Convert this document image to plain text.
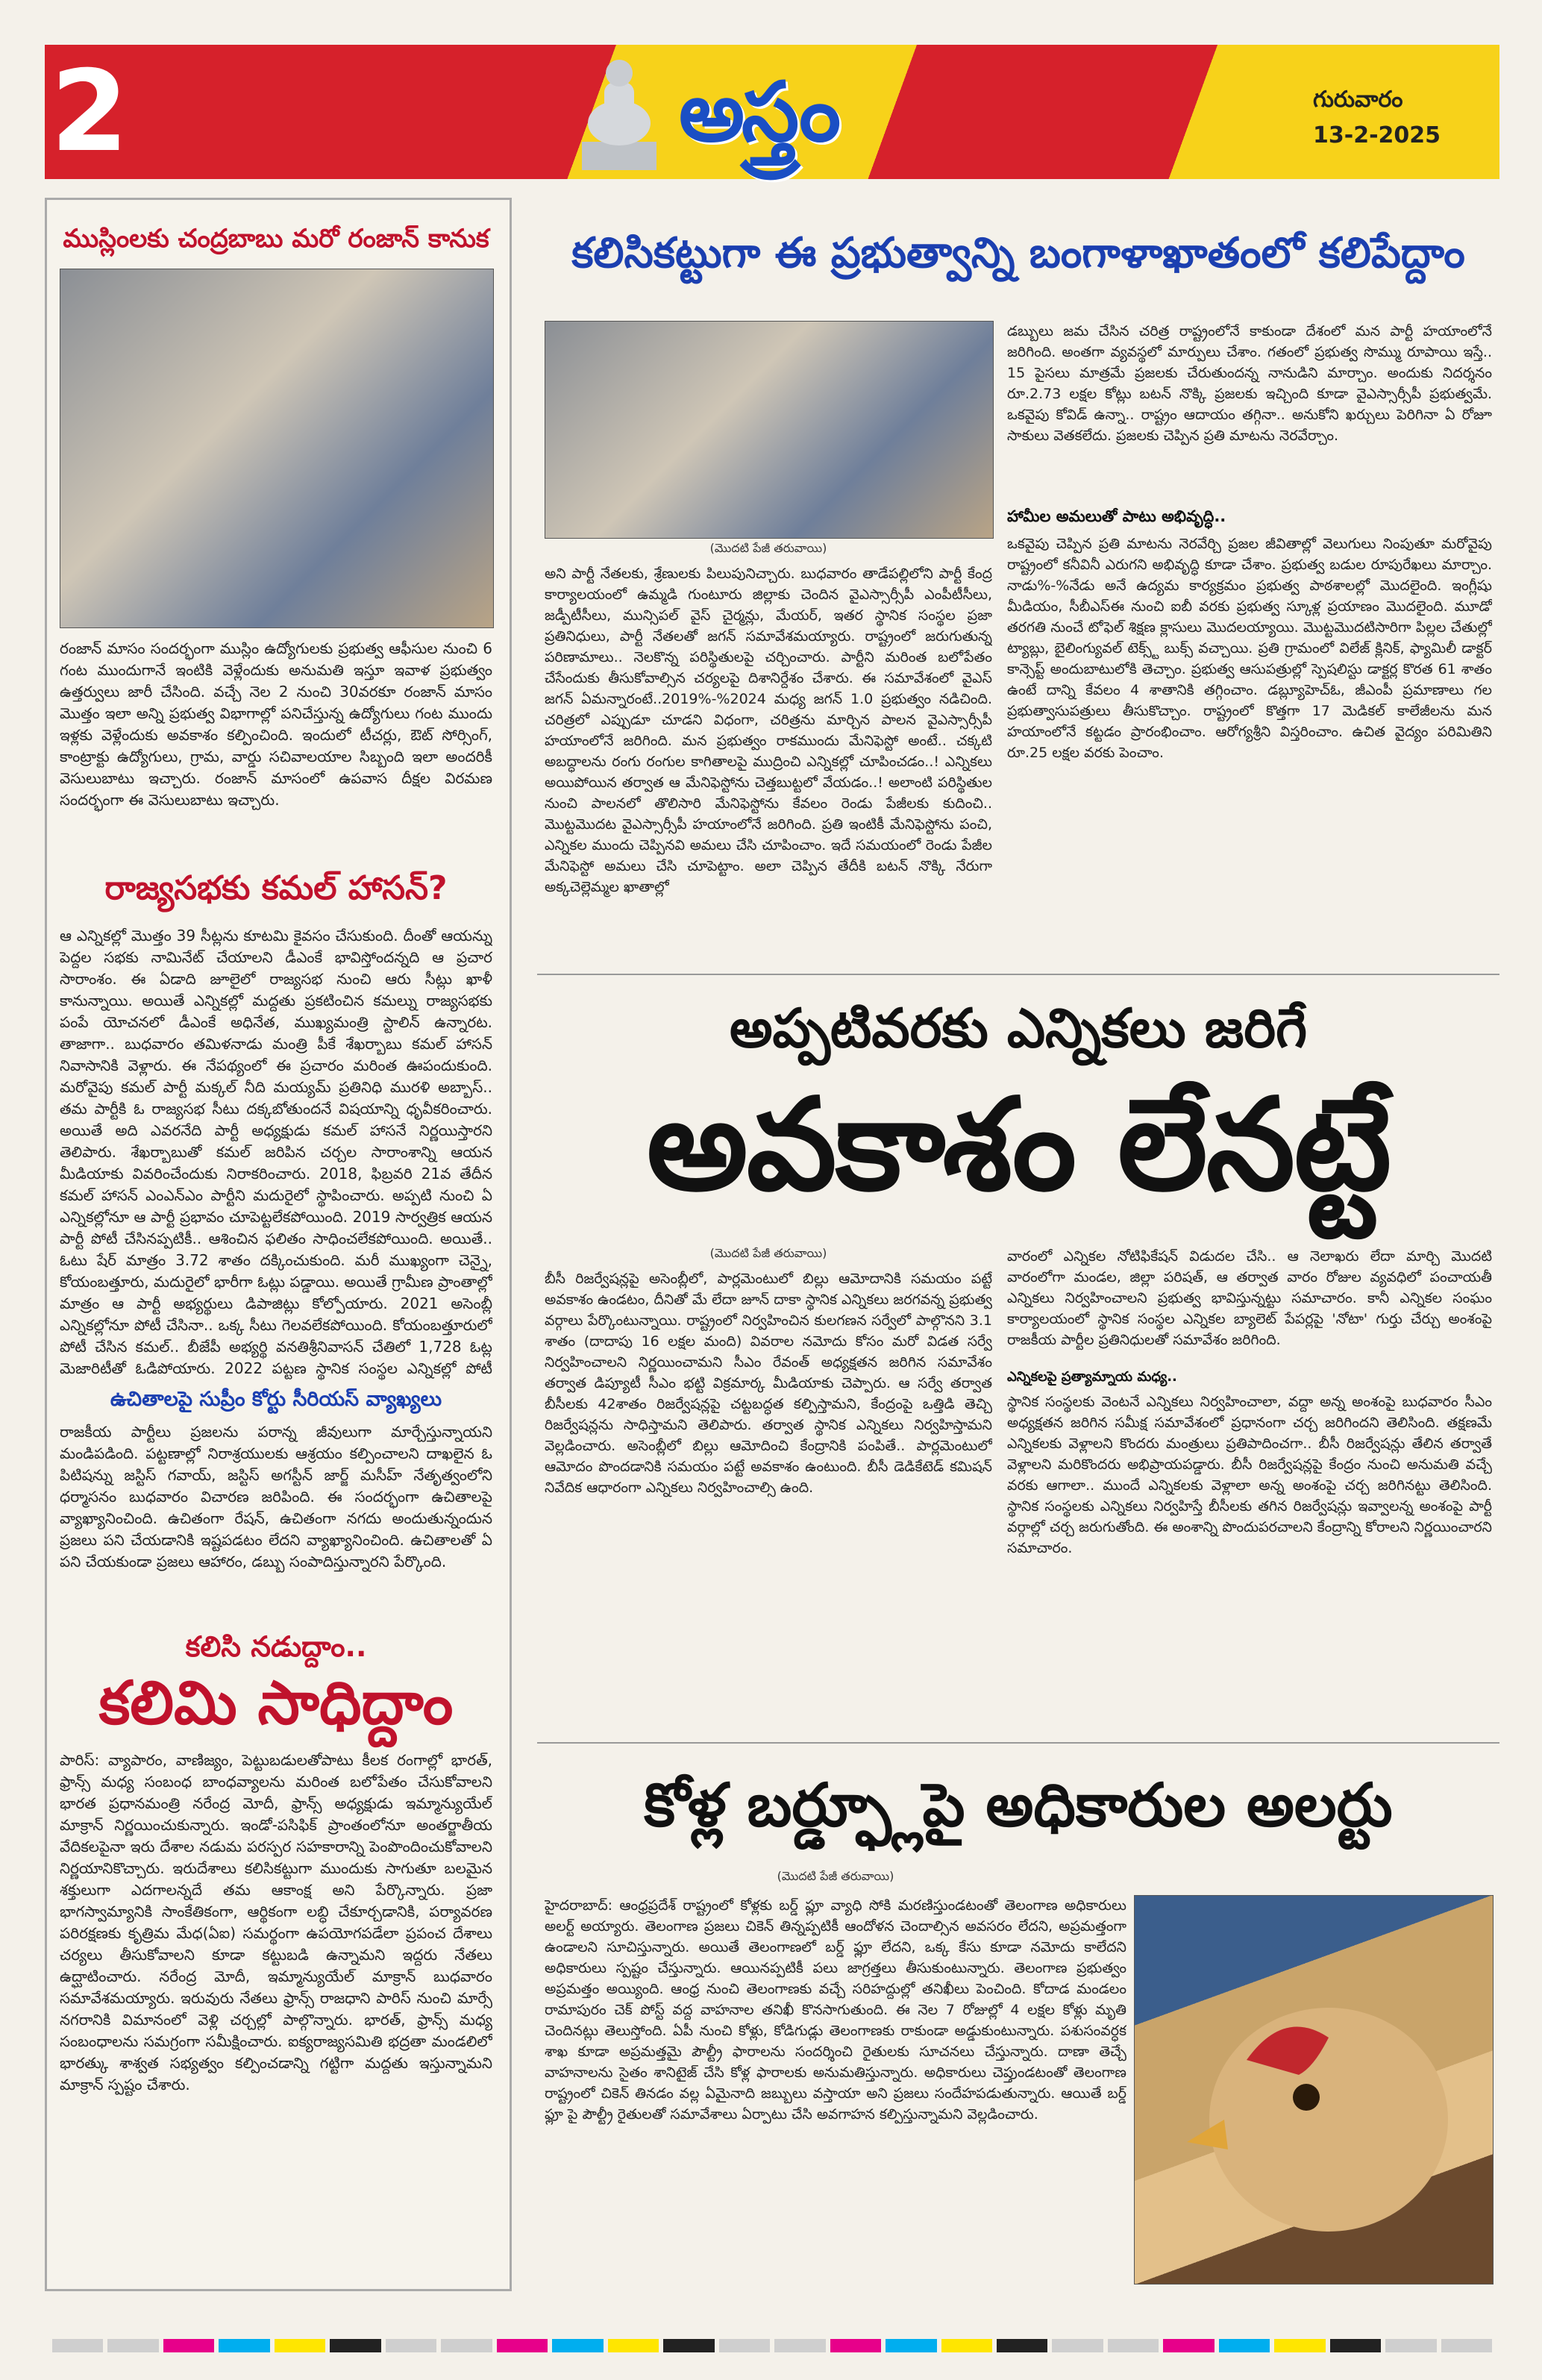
2	అస్త్రం	గురువారం
13-2-2025
ముస్లింలకు చంద్రబాబు మరో రంజాన్ కానుక
రంజాన్ మాసం సందర్భంగా ముస్లిం ఉద్యోగులకు ప్రభుత్వ ఆఫీసుల నుంచి 6 గంట ముందుగానే ఇంటికి వెళ్లేందుకు అనుమతి ఇస్తూ ఇవాళ ప్రభుత్వం ఉత్తర్వులు జారీ చేసింది. వచ్చే నెల 2 నుంచి 30వరకూ రంజాన్ మాసం మొత్తం ఇలా అన్ని ప్రభుత్వ విభాగాల్లో పనిచేస్తున్న ఉద్యోగులు గంట ముందు ఇళ్లకు వెళ్లేందుకు అవకాశం కల్పించింది. ఇందులో టీచర్లు, ఔట్ సోర్సింగ్, కాంట్రాక్టు ఉద్యోగులు, గ్రామ, వార్డు సచివాలయాల సిబ్బంది ఇలా అందరికీ వెసులుబాటు ఇచ్చారు. రంజాన్ మాసంలో ఉపవాస దీక్షల విరమణ సందర్భంగా ఈ వెసులుబాటు ఇచ్చారు.
రాజ్యసభకు కమల్ హాసన్?
ఆ ఎన్నికల్లో మొత్తం 39 సీట్లను కూటమి కైవసం చేసుకుంది. దీంతో ఆయన్ను పెద్దల సభకు నామినేట్ చేయాలని డీఎంకే భావిస్తోందన్నది ఆ ప్రచార సారాంశం. ఈ ఏడాది జూలైలో రాజ్యసభ నుంచి ఆరు సీట్లు ఖాళీ కానున్నాయి. అయితే ఎన్నికల్లో మద్దతు ప్రకటించిన కమల్ను రాజ్యసభకు పంపే యోచనలో డీఎంకే అధినేత, ముఖ్యమంత్రి స్టాలిన్ ఉన్నారట. తాజాగా.. బుధవారం తమిళనాడు మంత్రి పీకే శేఖర్బాబు కమల్ హాసన్ నివాసానికి వెళ్లారు. ఈ నేపథ్యంలో ఈ ప్రచారం మరింత ఊపందుకుంది. మరోవైపు కమల్ పార్టీ మక్కల్ నీది మయ్యమ్ ప్రతినిధి మురళి అబ్బాస్.. తమ పార్టీకి ఓ రాజ్యసభ సీటు దక్కబోతుందనే విషయాన్ని ధృవీకరించారు. అయితే అది ఎవరనేది పార్టీ అధ్యక్షుడు కమల్ హాసనే నిర్ణయిస్తారని తెలిపారు. శేఖర్బాబుతో కమల్ జరిపిన చర్చల సారాంశాన్ని ఆయన మీడియాకు వివరించేందుకు నిరాకరించారు. 2018, ఫిబ్రవరి 21వ తేదీన కమల్ హాసన్ ఎంఎన్ఎం పార్టీని మదురైలో స్థాపించారు. అప్పటి నుంచి ఏ ఎన్నికల్లోనూ ఆ పార్టీ ప్రభావం చూపెట్టలేకపోయింది. 2019 సార్వత్రిక ఆయన పార్టీ పోటీ చేసినప్పటికీ.. ఆశించిన ఫలితం సాధించలేకపోయింది. అయితే.. ఓటు షేర్ మాత్రం 3.72 శాతం దక్కించుకుంది. మరీ ముఖ్యంగా చెన్నై, కోయంబత్తూరు, మదురైలో భారీగా ఓట్లు పడ్డాయి. అయితే గ్రామీణ ప్రాంతాల్లో మాత్రం ఆ పార్టీ అభ్యర్థులు డిపాజిట్లు కోల్పోయారు. 2021 అసెంబ్లీ ఎన్నికల్లోనూ పోటీ చేసినా.. ఒక్క సీటు గెలవలేకపోయింది. కోయంబత్తూరులో పోటీ చేసిన కమల్.. బీజేపీ అభ్యర్థి వనతిశ్రీనివాసన్ చేతిలో 1,728 ఓట్ల మెజారిటీతో ఓడిపోయారు. 2022 పట్టణ స్థానిక సంస్థల ఎన్నికల్లో పోటీ
ఉచితాలపై సుప్రీం కోర్టు సీరియస్ వ్యాఖ్యలు
రాజకీయ పార్టీలు ప్రజలను పరాన్న జీవులుగా మార్చేస్తున్నాయని మండిపడింది. పట్టణాల్లో నిరాశ్రయులకు ఆశ్రయం కల్పించాలని దాఖలైన ఓ పిటిషన్ను జస్టిస్ గవాయ్, జస్టిస్ అగస్టీన్ జార్జ్ మసీహ్ నేతృత్వంలోని ధర్మాసనం బుధవారం విచారణ జరిపింది. ఈ సందర్భంగా ఉచితాలపై వ్యాఖ్యానించింది. ఉచితంగా రేషన్, ఉచితంగా నగదు అందుతున్నందున ప్రజలు పని చేయడానికి ఇష్టపడటం లేదని వ్యాఖ్యానించింది. ఉచితాలతో ఏ పని చేయకుండా ప్రజలు ఆహారం, డబ్బు సంపాదిస్తున్నారని పేర్కొంది.
కలిసి నడుద్దాం..
కలిమి సాధిద్దాం
పారిస్: వ్యాపారం, వాణిజ్యం, పెట్టుబడులతోపాటు కీలక రంగాల్లో భారత్, ఫ్రాన్స్ మధ్య సంబంధ బాంధవ్యాలను మరింత బలోపేతం చేసుకోవాలని భారత ప్రధానమంత్రి నరేంద్ర మోదీ, ఫ్రాన్స్ అధ్యక్షుడు ఇమ్మాన్యుయేల్ మాక్రాన్ నిర్ణయించుకున్నారు. ఇండో-పసిఫిక్ ప్రాంతంలోనూ అంతర్జాతీయ వేదికలపైనా ఇరు దేశాల నడుమ పరస్పర సహకారాన్ని పెంపొందించుకోవాలని నిర్ణయానికొచ్చారు. ఇరుదేశాలు కలిసికట్టుగా ముందుకు సాగుతూ బలమైన శక్తులుగా ఎదగాలన్నదే తమ ఆకాంక్ష అని పేర్కొన్నారు. ప్రజా భాగస్వామ్యానికి సాంకేతికంగా, ఆర్థికంగా లబ్ధి చేకూర్చడానికి, పర్యావరణ పరిరక్షణకు కృత్రిమ మేధ(ఏఐ) సమర్థంగా ఉపయోగపడేలా ప్రపంచ దేశాలు చర్యలు తీసుకోవాలని కూడా కట్టుబడి ఉన్నామని ఇద్దరు నేతలు ఉద్ఘాటించారు. నరేంద్ర మోదీ, ఇమ్మాన్యుయేల్ మాక్రాన్ బుధవారం సమావేశమయ్యారు. ఇరువురు నేతలు ఫ్రాన్స్ రాజధాని పారిస్ నుంచి మార్సే నగరానికి విమానంలో వెళ్లి చర్చల్లో పాల్గొన్నారు. భారత్, ఫ్రాన్స్ మధ్య సంబంధాలను సమగ్రంగా సమీక్షించారు. ఐక్యరాజ్యసమితి భద్రతా మండలిలో భారత్కు శాశ్వత సభ్యత్వం కల్పించడాన్ని గట్టిగా మద్దతు ఇస్తున్నామని మాక్రాన్ స్పష్టం చేశారు.
కలిసికట్టుగా ఈ ప్రభుత్వాన్ని బంగాళాఖాతంలో కలిపేద్దాం
(మొదటి పేజీ తరువాయి)
అని పార్టీ నేతలకు, శ్రేణులకు పిలుపునిచ్చారు. బుధవారం తాడేపల్లిలోని పార్టీ కేంద్ర కార్యాలయంలో ఉమ్మడి గుంటూరు జిల్లాకు చెందిన వైఎస్సార్సీపీ ఎంపీటీసీలు, జడ్పీటీసీలు, మున్సిపల్ వైస్ చైర్మన్లు, మేయర్, ఇతర స్థానిక సంస్థల ప్రజా ప్రతినిధులు, పార్టీ నేతలతో జగన్ సమావేశమయ్యారు. రాష్ట్రంలో జరుగుతున్న పరిణామాలు.. నెలకొన్న పరిస్థితులపై చర్చించారు. పార్టీని మరింత బలోపేతం చేసేందుకు తీసుకోవాల్సిన చర్యలపై దిశానిర్దేశం చేశారు. ఈ సమావేశంలో వైఎస్ జగన్ ఏమన్నారంటే..2019%-%2024 మధ్య జగన్ 1.0 ప్రభుత్వం నడిచింది. చరిత్రలో ఎప్పుడూ చూడని విధంగా, చరిత్రను మార్చిన పాలన వైఎస్సార్సీపీ హయాంలోనే జరిగింది. మన ప్రభుత్వం రాకముందు మేనిఫెస్టో అంటే.. చక్కటి అబద్ధాలను రంగు రంగుల కాగితాలపై ముద్రించి ఎన్నికల్లో చూపించడం..! ఎన్నికలు అయిపోయిన తర్వాత ఆ మేనిఫెస్టోను చెత్తబుట్టలో వేయడం..! అలాంటి పరిస్థితుల నుంచి పాలనలో తొలిసారి మేనిఫెస్టోను కేవలం రెండు పేజీలకు కుదించి.. మొట్టమొదట వైఎస్సార్సీపీ హయాంలోనే జరిగింది. ప్రతి ఇంటికీ మేనిఫెస్టోను పంచి, ఎన్నికల ముందు చెప్పినవి అమలు చేసి చూపించాం. ఇదే సమయంలో రెండు పేజీల మేనిఫెస్టో అమలు చేసి చూపెట్టాం. అలా చెప్పిన తేదీకి బటన్ నొక్కి నేరుగా అక్కచెల్లెమ్మల ఖాతాల్లో
డబ్బులు జమ చేసిన చరిత్ర రాష్ట్రంలోనే కాకుండా దేశంలో మన పార్టీ హయాంలోనే జరిగింది. అంతగా వ్యవస్థలో మార్పులు చేశాం. గతంలో ప్రభుత్వ సొమ్ము రూపాయి ఇస్తే.. 15 పైసలు మాత్రమే ప్రజలకు చేరుతుందన్న నానుడిని మార్చాం. అందుకు నిదర్శనం రూ.2.73 లక్షల కోట్లు బటన్ నొక్కి ప్రజలకు ఇచ్చింది కూడా వైఎస్సార్సీపీ ప్రభుత్వమే. ఒకవైపు కోవిడ్ ఉన్నా.. రాష్ట్రం ఆదాయం తగ్గినా.. అనుకోని ఖర్చులు పెరిగినా ఏ రోజూ సాకులు వెతకలేదు. ప్రజలకు చెప్పిన ప్రతి మాటను నెరవేర్చాం.
హామీల అమలుతో పాటు అభివృద్ధి..
ఒకవైపు చెప్పిన ప్రతి మాటను నెరవేర్చి ప్రజల జీవితాల్లో వెలుగులు నింపుతూ మరోవైపు రాష్ట్రంలో కనీవినీ ఎరుగని అభివృద్ధి కూడా చేశాం. ప్రభుత్వ బడుల రూపురేఖలు మార్చాం. నాడు%-%నేడు అనే ఉద్యమ కార్యక్రమం ప్రభుత్వ పాఠశాలల్లో మొదలైంది. ఇంగ్లీషు మీడియం, సీబీఎస్ఈ నుంచి ఐబీ వరకు ప్రభుత్వ స్కూళ్ల ప్రయాణం మొదలైంది. మూడో తరగతి నుంచే టోఫెల్ శిక్షణ క్లాసులు మొదలయ్యాయి. మొట్టమొదటిసారిగా పిల్లల చేతుల్లో ట్యాబ్లు, బైలింగ్యువల్ టెక్స్ట్ బుక్స్ వచ్చాయి. ప్రతి గ్రామంలో విలేజ్ క్లినిక్, ఫ్యామిలీ డాక్టర్ కాన్సెప్ట్ అందుబాటులోకి తెచ్చాం. ప్రభుత్వ ఆసుపత్రుల్లో స్పెషలిస్టు డాక్టర్ల కొరత 61 శాతం ఉంటే దాన్ని కేవలం 4 శాతానికి తగ్గించాం. డబ్ల్యూహెచ్ఓ, జీఎంపీ ప్రమాణాలు గల ప్రభుత్వాసుపత్రులు తీసుకొచ్చాం. రాష్ట్రంలో కొత్తగా 17 మెడికల్ కాలేజీలను మన హయాంలోనే కట్టడం ప్రారంభించాం. ఆరోగ్యశ్రీని విస్తరించాం. ఉచిత వైద్యం పరిమితిని రూ.25 లక్షల వరకు పెంచాం.
అప్పటివరకు ఎన్నికలు జరిగే
అవకాశం లేనట్టే
(మొదటి పేజీ తరువాయి)
బీసీ రిజర్వేషన్లపై అసెంబ్లీలో, పార్లమెంటులో బిల్లు ఆమోదానికి సమయం పట్టే అవకాశం ఉండటం, దీనితో మే లేదా జూన్ దాకా స్థానిక ఎన్నికలు జరగవన్న ప్రభుత్వ వర్గాలు పేర్కొంటున్నాయి. రాష్ట్రంలో నిర్వహించిన కులగణన సర్వేలో పాల్గొనని 3.1 శాతం (దాదాపు 16 లక్షల మంది) వివరాల నమోదు కోసం మరో విడత సర్వే నిర్వహించాలని నిర్ణయించామని సీఎం రేవంత్ అధ్యక్షతన జరిగిన సమావేశం తర్వాత డిప్యూటీ సీఎం భట్టి విక్రమార్క మీడియాకు చెప్పారు. ఆ సర్వే తర్వాత బీసీలకు 42శాతం రిజర్వేషన్లపై చట్టబద్ధత కల్పిస్తామని, కేంద్రంపై ఒత్తిడి తెచ్చి రిజర్వేషన్లను సాధిస్తామని తెలిపారు. తర్వాత స్థానిక ఎన్నికలు నిర్వహిస్తామని వెల్లడించారు. అసెంబ్లీలో బిల్లు ఆమోదించి కేంద్రానికి పంపితే.. పార్లమెంటులో ఆమోదం పొందడానికి సమయం పట్టే అవకాశం ఉంటుంది. బీసీ డెడికేటెడ్ కమిషన్ నివేదిక ఆధారంగా ఎన్నికలు నిర్వహించాల్సి ఉంది.
వారంలో ఎన్నికల నోటిఫికేషన్ విడుదల చేసి.. ఆ నెలాఖరు లేదా మార్చి మొదటి వారంలోగా మండల, జిల్లా పరిషత్, ఆ తర్వాత వారం రోజుల వ్యవధిలో పంచాయతీ ఎన్నికలు నిర్వహించాలని ప్రభుత్వ భావిస్తున్నట్టు సమాచారం. కానీ ఎన్నికల సంఘం కార్యాలయంలో స్థానిక సంస్థల ఎన్నికల బ్యాలెట్ పేపర్లపై 'నోటా' గుర్తు చేర్చు అంశంపై రాజకీయ పార్టీల ప్రతినిధులతో సమావేశం జరిగింది.
ఎన్నికలపై ప్రత్యామ్నాయ మధ్య..
స్థానిక సంస్థలకు వెంటనే ఎన్నికలు నిర్వహించాలా, వద్దా అన్న అంశంపై బుధవారం సీఎం అధ్యక్షతన జరిగిన సమీక్ష సమావేశంలో ప్రధానంగా చర్చ జరిగిందని తెలిసింది. తక్షణమే ఎన్నికలకు వెళ్లాలని కొందరు మంత్రులు ప్రతిపాదించగా.. బీసీ రిజర్వేషన్లు తేలిన తర్వాతే వెళ్లాలని మరికొందరు అభిప్రాయపడ్డారు. బీసీ రిజర్వేషన్లపై కేంద్రం నుంచి అనుమతి వచ్చే వరకు ఆగాలా.. ముందే ఎన్నికలకు వెళ్లాలా అన్న అంశంపై చర్చ జరిగినట్టు తెలిసింది. స్థానిక సంస్థలకు ఎన్నికలు నిర్వహిస్తే బీసీలకు తగిన రిజర్వేషన్లు ఇవ్వాలన్న అంశంపై పార్టీ వర్గాల్లో చర్చ జరుగుతోంది. ఈ అంశాన్ని పొందుపరచాలని కేంద్రాన్ని కోరాలని నిర్ణయించారని సమాచారం.
కోళ్ల బర్డ్ఫ్లూపై అధికారుల అలర్టు
(మొదటి పేజీ తరువాయి)
హైదరాబాద్: ఆంధ్రప్రదేశ్ రాష్ట్రంలో కోళ్లకు బర్డ్ ఫ్లూ వ్యాధి సోకి మరణిస్తుండటంతో తెలంగాణ అధికారులు అలర్ట్ అయ్యారు. తెలంగాణ ప్రజలు చికెన్ తిన్నప్పటికీ ఆందోళన చెందాల్సిన అవసరం లేదని, అప్రమత్తంగా ఉండాలని సూచిస్తున్నారు. అయితే తెలంగాణలో బర్డ్ ఫ్లూ లేదని, ఒక్క కేసు కూడా నమోదు కాలేదని అధికారులు స్పష్టం చేస్తున్నారు. ఆయినప్పటికీ పలు జాగ్రత్తలు తీసుకుంటున్నారు. తెలంగాణ ప్రభుత్వం అప్రమత్తం అయ్యింది. ఆంధ్ర నుంచి తెలంగాణకు వచ్చే సరిహద్దుల్లో తనిఖీలు పెంచింది. కోదాడ మండలం రామాపురం చెక్ పోస్ట్ వద్ద వాహనాల తనిఖీ కొనసాగుతుంది. ఈ నెల 7 రోజుల్లో 4 లక్షల కోళ్లు మృతి చెందినట్లు తెలుస్తోంది. ఏపీ నుంచి కోళ్లు, కోడిగుడ్లు తెలంగాణకు రాకుండా అడ్డుకుంటున్నారు. పశుసంవర్ధక శాఖ కూడా అప్రమత్తమై పౌల్ట్రీ ఫారాలను సందర్శించి రైతులకు సూచనలు చేస్తున్నారు. దాణా తెచ్చే వాహనాలను సైతం శానిటైజ్ చేసి కోళ్ల ఫారాలకు అనుమతిస్తున్నారు. అధికారులు చెప్తుండటంతో తెలంగాణ రాష్ట్రంలో చికెన్ తినడం వల్ల ఏమైనాది జబ్బులు వస్తాయా అని ప్రజలు సందేహపడుతున్నారు. ఆయితే బర్డ్ ఫ్లూ పై పౌల్ట్రీ రైతులతో సమావేశాలు ఏర్పాటు చేసి అవగాహన కల్పిస్తున్నామని వెల్లడించారు.
